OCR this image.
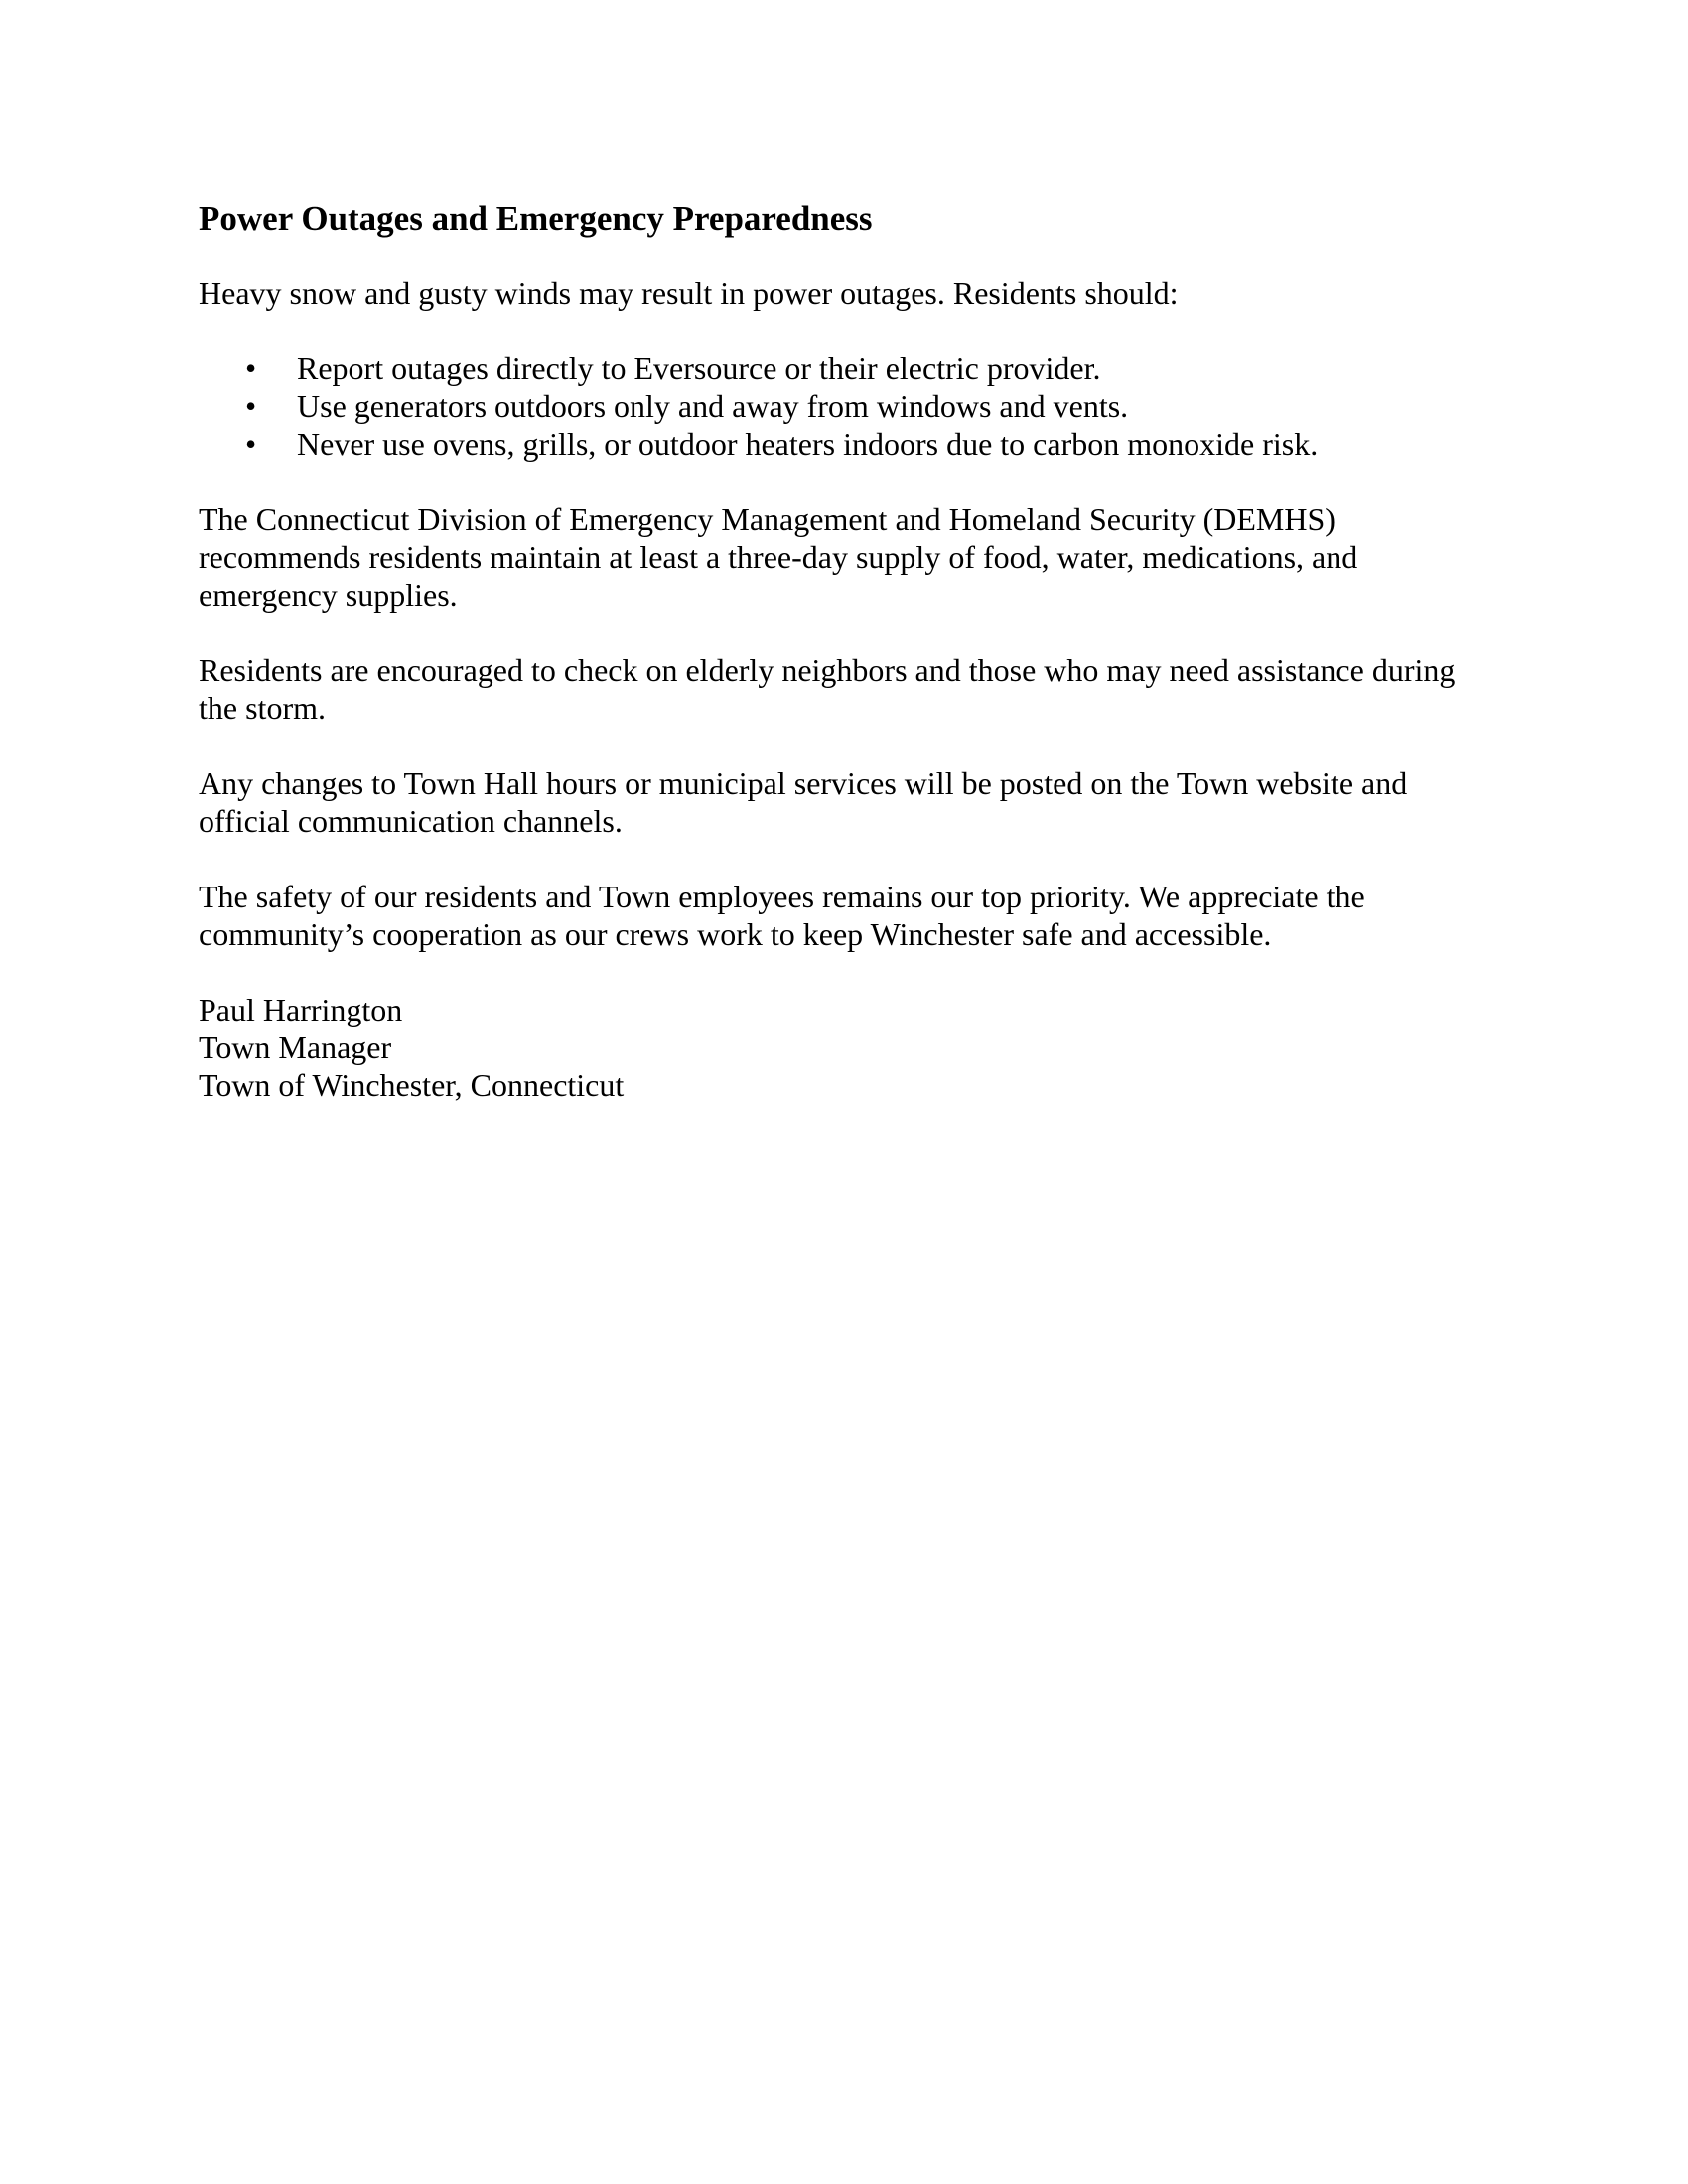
Power Outages and Emergency Preparedness

Heavy snow and gusty winds may result in power outages. Residents should:

• Report outages directly to Eversource or their electric provider.
• Use generators outdoors only and away from windows and vents.
• Never use ovens, grills, or outdoor heaters indoors due to carbon monoxide risk.

The Connecticut Division of Emergency Management and Homeland Security (DEMHS) recommends residents maintain at least a three-day supply of food, water, medications, and emergency supplies.

Residents are encouraged to check on elderly neighbors and those who may need assistance during the storm.

Any changes to Town Hall hours or municipal services will be posted on the Town website and official communication channels.

The safety of our residents and Town employees remains our top priority. We appreciate the community’s cooperation as our crews work to keep Winchester safe and accessible.

Paul Harrington
Town Manager
Town of Winchester, Connecticut
